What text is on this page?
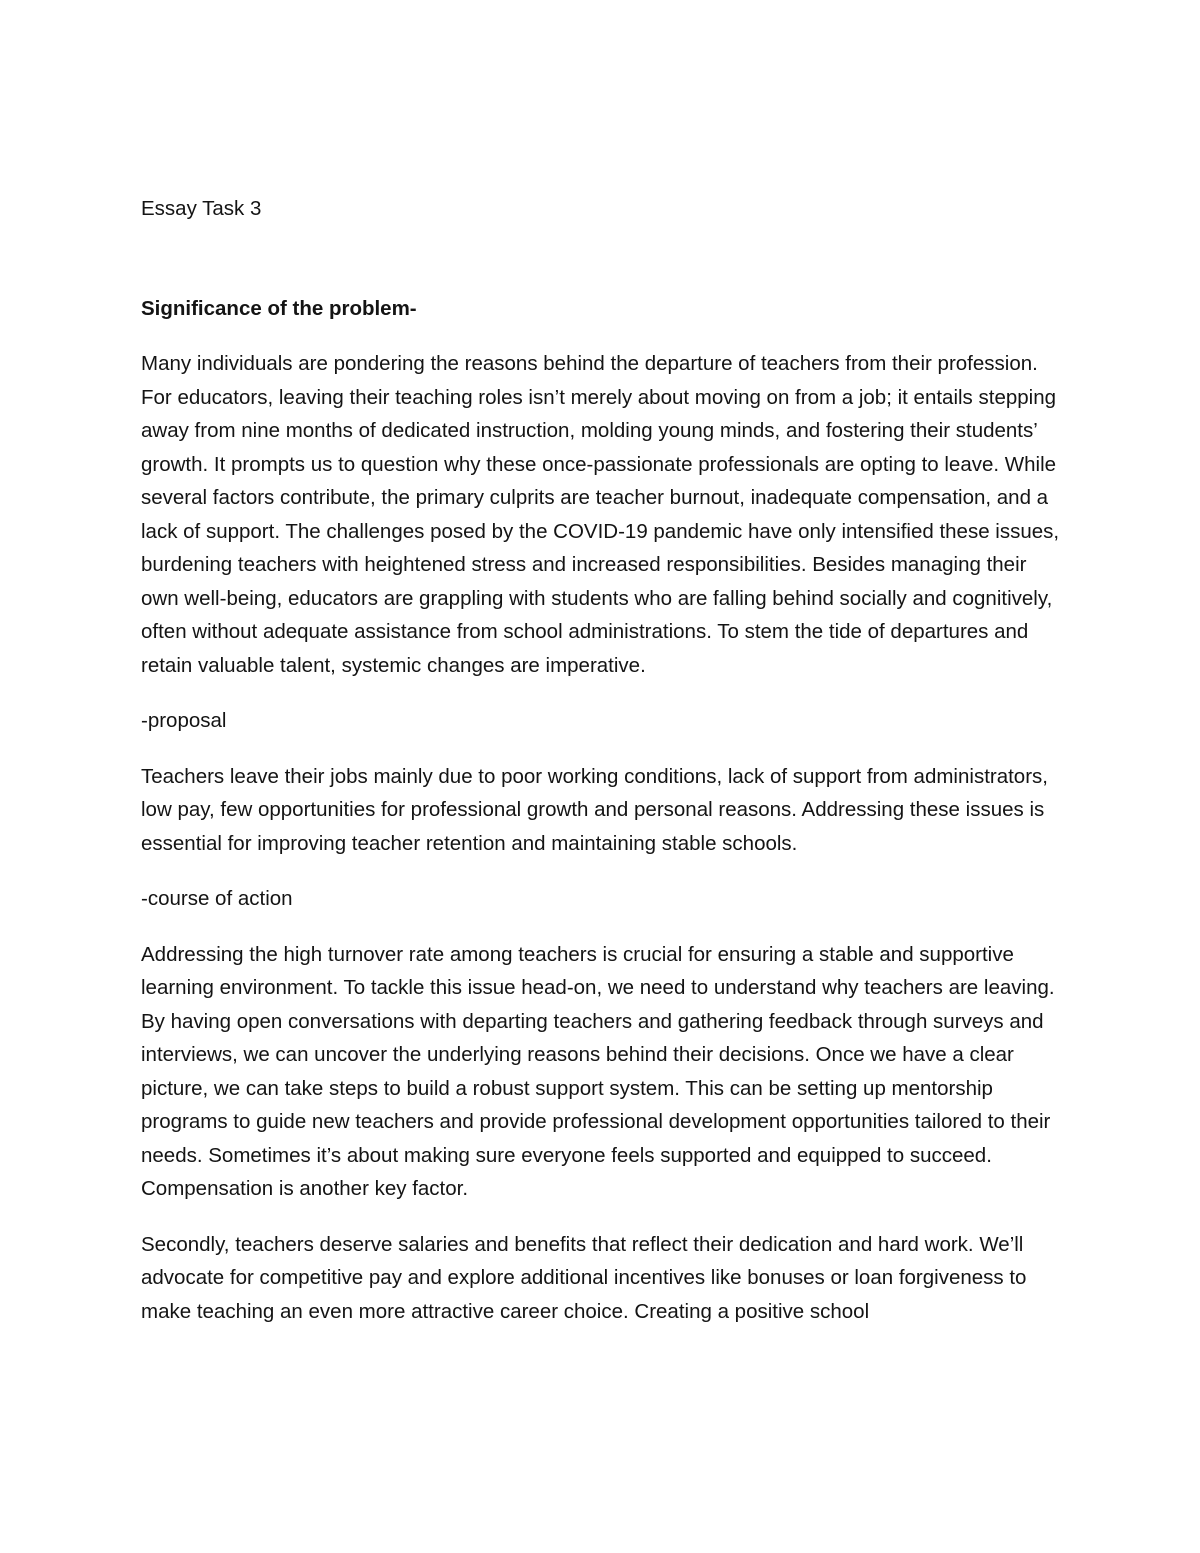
Essay Task 3

Significance of the problem-

Many individuals are pondering the reasons behind the departure of teachers from their profession. For educators, leaving their teaching roles isn’t merely about moving on from a job; it entails stepping away from nine months of dedicated instruction, molding young minds, and fostering their students’ growth. It prompts us to question why these once-passionate professionals are opting to leave. While several factors contribute, the primary culprits are teacher burnout, inadequate compensation, and a lack of support. The challenges posed by the COVID-19 pandemic have only intensified these issues, burdening teachers with heightened stress and increased responsibilities. Besides managing their own well-being, educators are grappling with students who are falling behind socially and cognitively, often without adequate assistance from school administrations. To stem the tide of departures and retain valuable talent, systemic changes are imperative.

-proposal

Teachers leave their jobs mainly due to poor working conditions, lack of support from administrators, low pay, few opportunities for professional growth and personal reasons. Addressing these issues is essential for improving teacher retention and maintaining stable schools.

-course of action

Addressing the high turnover rate among teachers is crucial for ensuring a stable and supportive learning environment. To tackle this issue head-on, we need to understand why teachers are leaving. By having open conversations with departing teachers and gathering feedback through surveys and interviews, we can uncover the underlying reasons behind their decisions. Once we have a clear picture, we can take steps to build a robust support system. This can be setting up mentorship programs to guide new teachers and provide professional development opportunities tailored to their needs. Sometimes it’s about making sure everyone feels supported and equipped to succeed. Compensation is another key factor.

Secondly, teachers deserve salaries and benefits that reflect their dedication and hard work. We’ll advocate for competitive pay and explore additional incentives like bonuses or loan forgiveness to make teaching an even more attractive career choice. Creating a positive school
